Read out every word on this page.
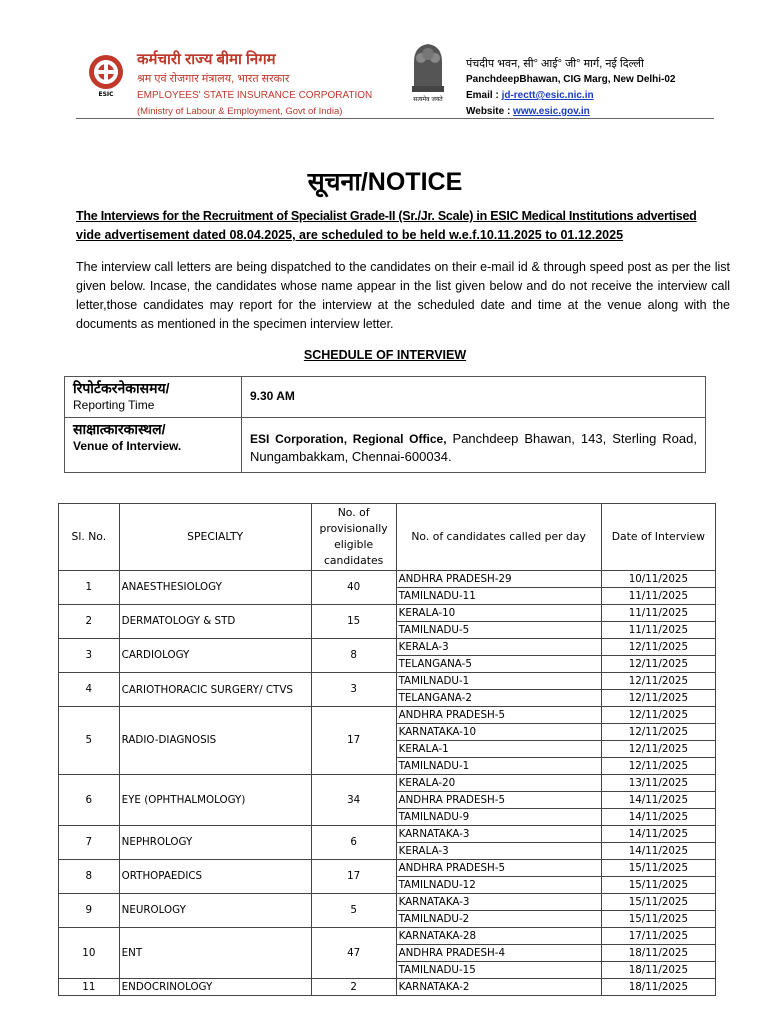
ESIC
कर्मचारी राज्य बीमा निगम
श्रम एवं रोजगार मंत्रालय, भारत सरकार
EMPLOYEES' STATE INSURANCE CORPORATION
(Ministry of Labour & Employment, Govt of India)
सत्यमेव जयते
पंचदीप भवन, सी° आई° जी° मार्ग, नई दिल्ली
PanchdeepBhawan, CIG Marg, New Delhi-02
Email : jd-rectt@esic.nic.in
Website : www.esic.gov.in
सूचना/NOTICE
The Interviews for the Recruitment of Specialist Grade-II (Sr./Jr. Scale) in ESIC Medical Institutions advertised
vide advertisement dated 08.04.2025, are scheduled to be held w.e.f.10.11.2025 to 01.12.2025
The interview call letters are being dispatched to the candidates on their e-mail id & through speed post as per the list given below. Incase, the candidates whose name appear in the list given below and do not receive the interview call letter,those candidates may report for the interview at the scheduled date and time at the venue along with the documents as mentioned in the specimen interview letter.
SCHEDULE OF INTERVIEW
रिपोर्टकरनेकासमय/
Reporting Time	9.30 AM

साक्षात्कारकास्थल/
Venue of Interview.	ESI Corporation, Regional Office, Panchdeep Bhawan, 143, Sterling Road, Nungambakkam, Chennai-600034.
Sl. No.	SPECIALTY	No. of provisionally eligible candidates	No. of candidates called per day	Date of Interview
1	ANAESTHESIOLOGY	40	ANDHRA PRADESH-29	10/11/2025
			TAMILNADU-11	11/11/2025
2	DERMATOLOGY & STD	15	KERALA-10	11/11/2025
			TAMILNADU-5	11/11/2025
3	CARDIOLOGY	8	KERALA-3	12/11/2025
			TELANGANA-5	12/11/2025
4	CARIOTHORACIC SURGERY/ CTVS	3	TAMILNADU-1	12/11/2025
			TELANGANA-2	12/11/2025
5	RADIO-DIAGNOSIS	17	ANDHRA PRADESH-5	12/11/2025
			KARNATAKA-10	12/11/2025
			KERALA-1	12/11/2025
			TAMILNADU-1	12/11/2025
6	EYE (OPHTHALMOLOGY)	34	KERALA-20	13/11/2025
			ANDHRA PRADESH-5	14/11/2025
			TAMILNADU-9	14/11/2025
7	NEPHROLOGY	6	KARNATAKA-3	14/11/2025
			KERALA-3	14/11/2025
8	ORTHOPAEDICS	17	ANDHRA PRADESH-5	15/11/2025
			TAMILNADU-12	15/11/2025
9	NEUROLOGY	5	KARNATAKA-3	15/11/2025
			TAMILNADU-2	15/11/2025
10	ENT	47	KARNATAKA-28	17/11/2025
			ANDHRA PRADESH-4	18/11/2025
			TAMILNADU-15	18/11/2025
11	ENDOCRINOLOGY	2	KARNATAKA-2	18/11/2025
